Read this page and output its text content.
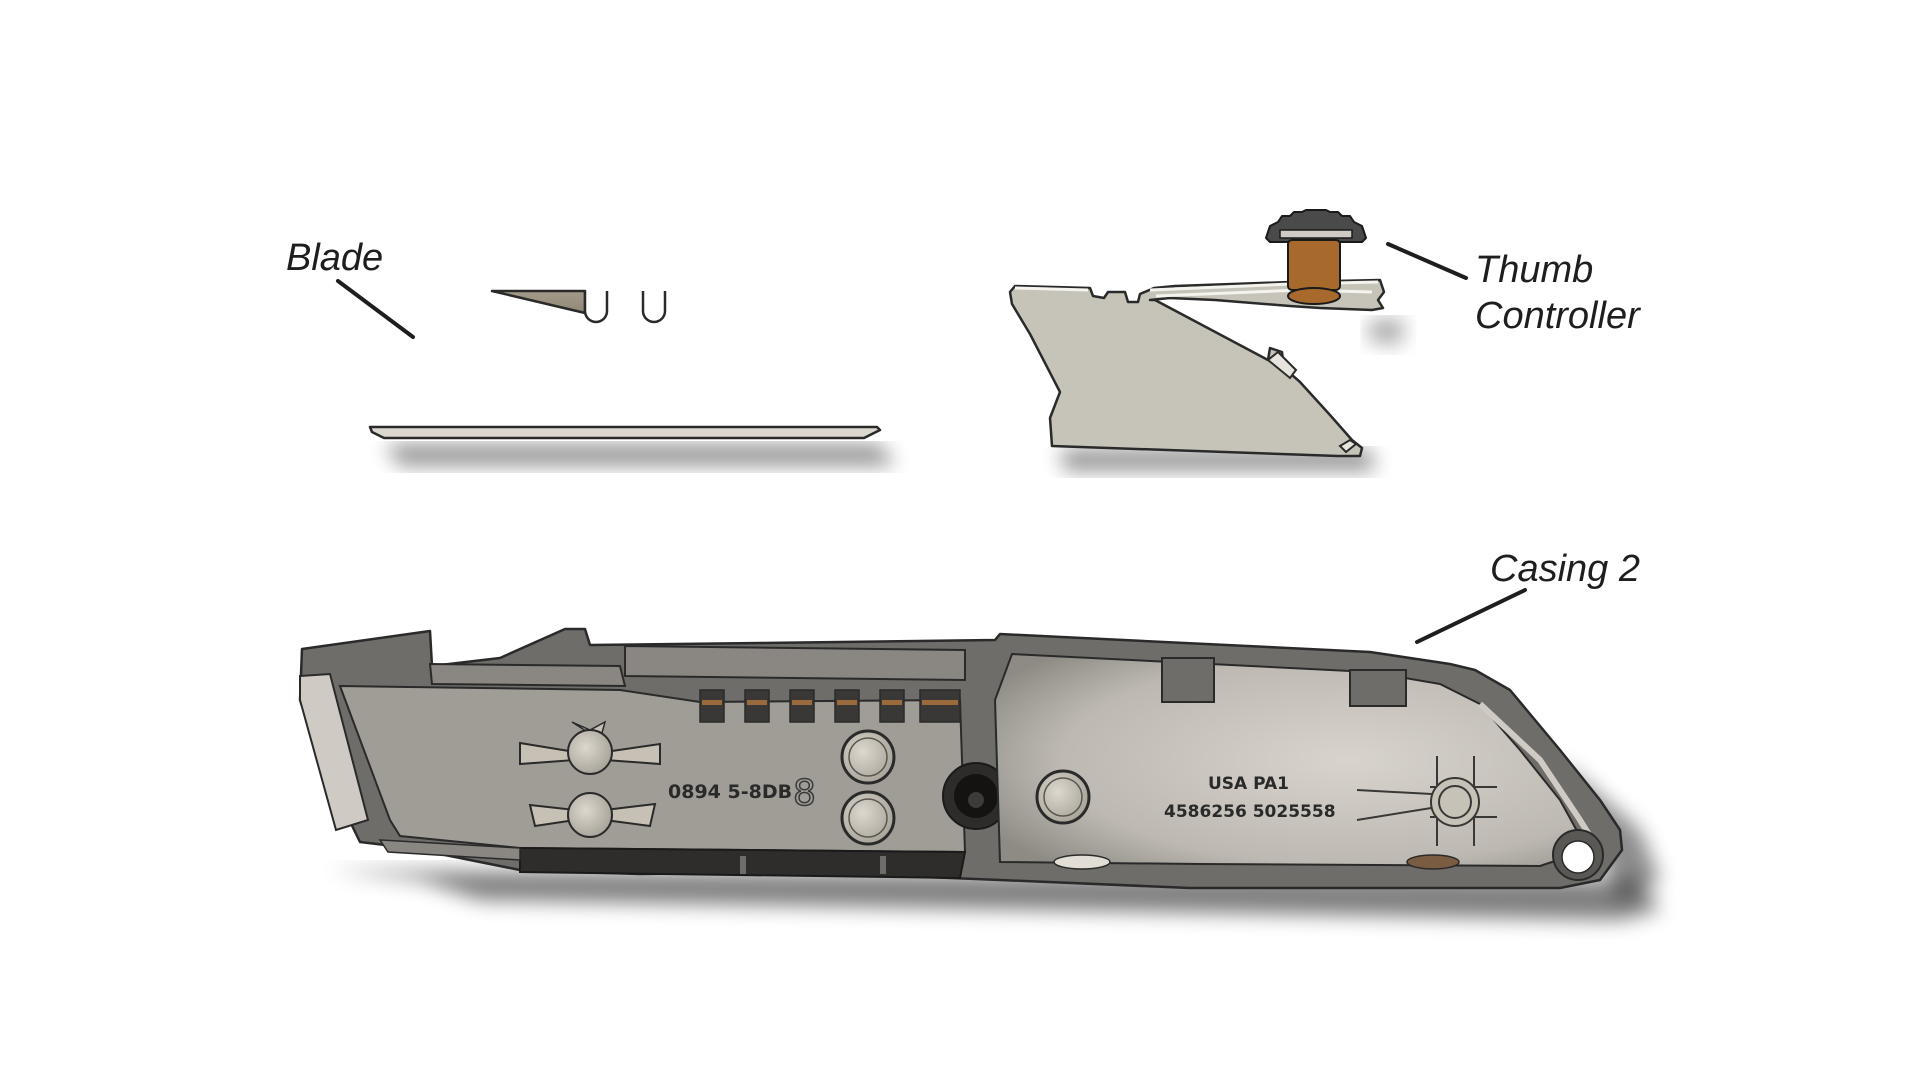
Blade	Thumb
Controller
0894 5-8DB 8	USA PA1
4586256 5025558
Casing 2
